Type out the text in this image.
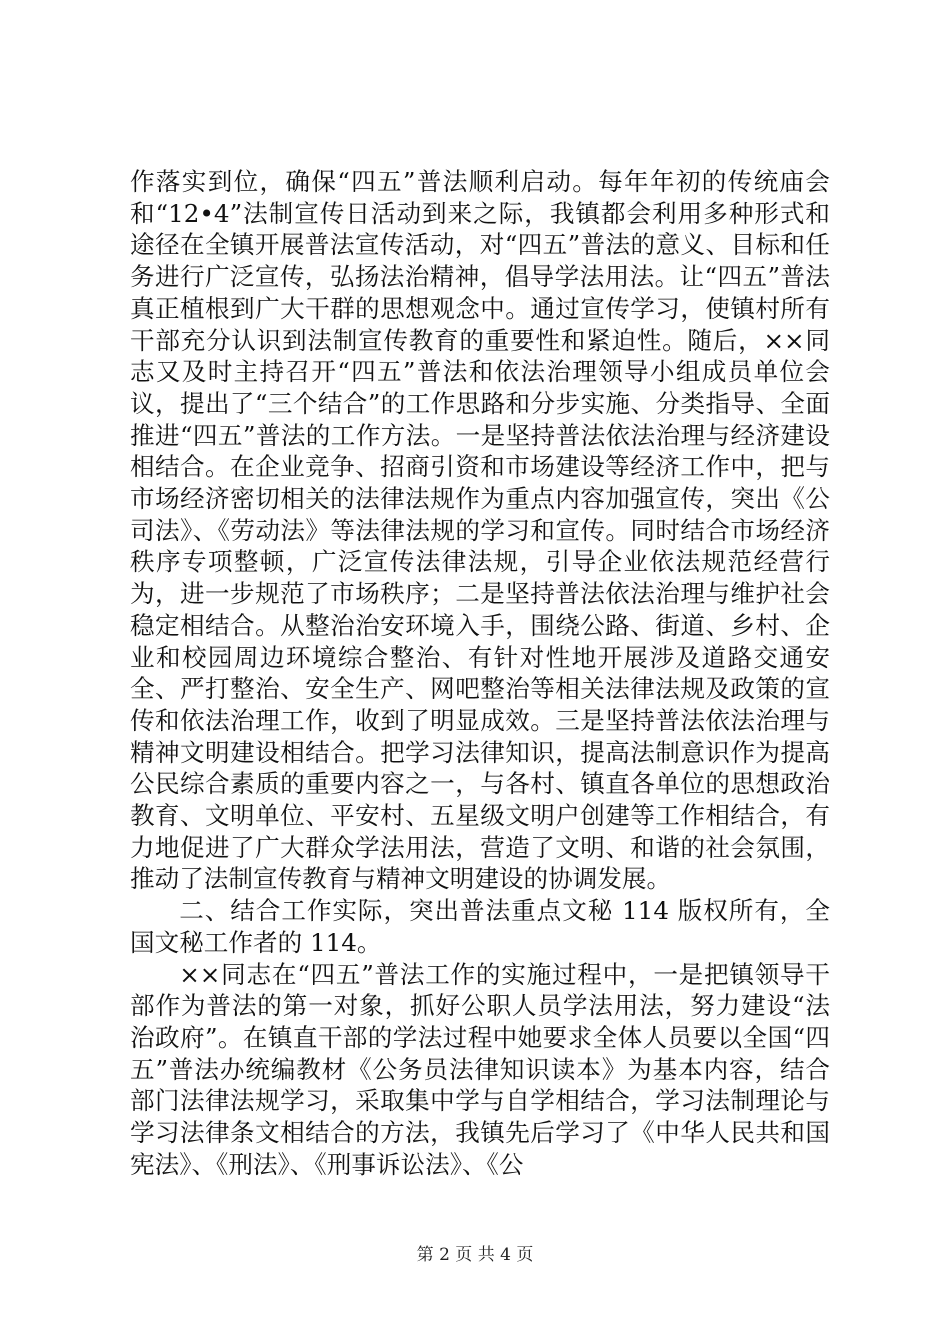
作落实到位，确保“四五”普法顺利启动。每年年初的传统庙会和“12•4”法制宣传日活动到来之际，我镇都会利用多种形式和途径在全镇开展普法宣传活动，对“四五”普法的意义、目标和任务进行广泛宣传，弘扬法治精神，倡导学法用法。让“四五”普法真正植根到广大干群的思想观念中。通过宣传学习，使镇村所有干部充分认识到法制宣传教育的重要性和紧迫性。随后，××同志又及时主持召开“四五”普法和依法治理领导小组成员单位会议，提出了“三个结合”的工作思路和分步实施、分类指导、全面推进“四五”普法的工作方法。一是坚持普法依法治理与经济建设相结合。在企业竞争、招商引资和市场建设等经济工作中，把与市场经济密切相关的法律法规作为重点内容加强宣传，突出《公司法》、《劳动法》等法律法规的学习和宣传。同时结合市场经济秩序专项整顿，广泛宣传法律法规，引导企业依法规范经营行为，进一步规范了市场秩序；二是坚持普法依法治理与维护社会稳定相结合。从整治治安环境入手，围绕公路、街道、乡村、企业和校园周边环境综合整治、有针对性地开展涉及道路交通安全、严打整治、安全生产、网吧整治等相关法律法规及政策的宣传和依法治理工作，收到了明显成效。三是坚持普法依法治理与精神文明建设相结合。把学习法律知识，提高法制意识作为提高公民综合素质的重要内容之一，与各村、镇直各单位的思想政治教育、文明单位、平安村、五星级文明户创建等工作相结合，有力地促进了广大群众学法用法，营造了文明、和谐的社会氛围，推动了法制宣传教育与精神文明建设的协调发展。

二、结合工作实际，突出普法重点文秘 114 版权所有，全国文秘工作者的 114。

××同志在“四五”普法工作的实施过程中，一是把镇领导干部作为普法的第一对象，抓好公职人员学法用法，努力建设“法治政府”。在镇直干部的学法过程中她要求全体人员要以全国“四五”普法办统编教材《公务员法律知识读本》为基本内容，结合部门法律法规学习，采取集中学与自学相结合，学习法制理论与学习法律条文相结合的方法，我镇先后学习了《中华人民共和国宪法》、《刑法》、《刑事诉讼法》、《公

第 2 页 共 4 页
